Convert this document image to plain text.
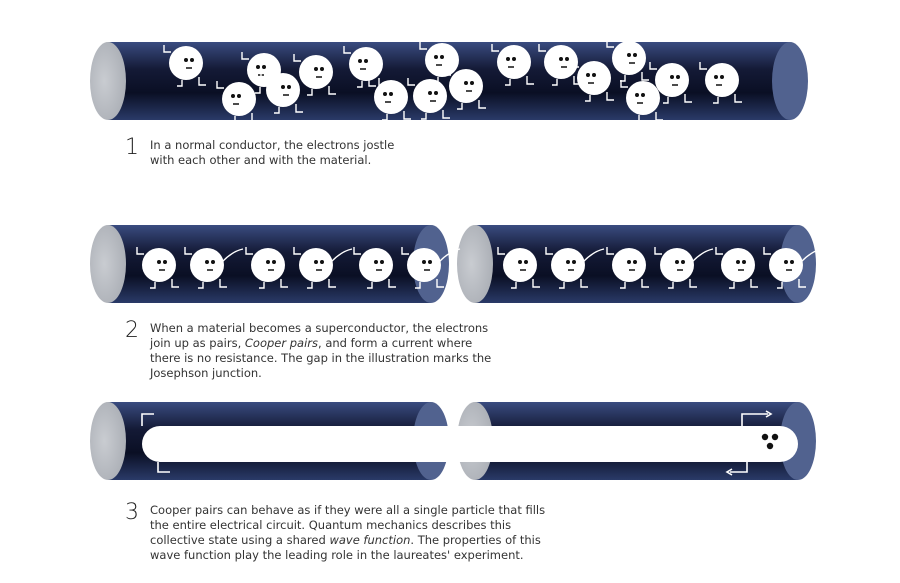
1 In a normal conductor, the electrons jostle with each other and with the material.
2 When a material becomes a superconductor, the electrons join up as pairs, Cooper pairs, and form a current where there is no resistance. The gap in the illustration marks the Josephson junction.
3 Cooper pairs can behave as if they were all a single particle that fills the entire electrical circuit. Quantum mechanics describes this collective state using a shared wave function. The properties of this wave function play the leading role in the laureates' experiment.
